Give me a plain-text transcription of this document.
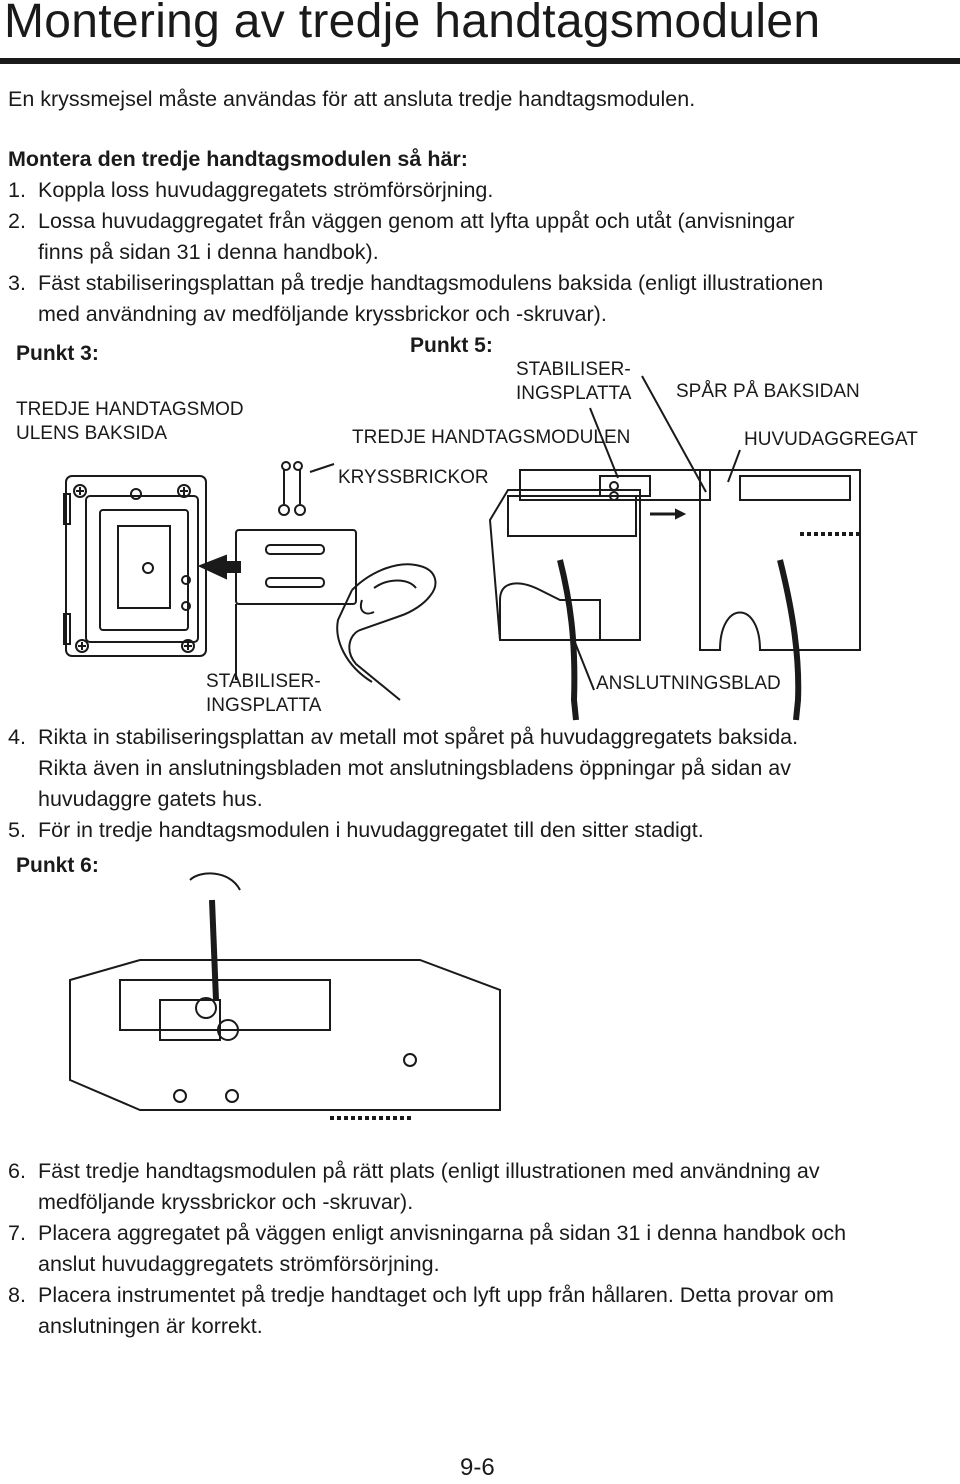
Montering av tredje handtagsmodulen
En kryssmejsel måste användas för att ansluta tredje handtagsmodulen.
Montera den tredje handtagsmodulen så här:
1. Koppla loss huvudaggregatets strömförsörjning.
2. Lossa huvudaggregatet från väggen genom att lyfta uppåt och utåt (anvisningar
finns på sidan 31 i denna handbok).
3. Fäst stabiliseringsplattan på tredje handtagsmodulens baksida (enligt illustrationen
med användning av medföljande kryssbrickor och -skruvar).
Punkt 3:	Punkt 5:
TREDJE HANDTAGSMOD
ULENS BAKSIDA
STABILISER-
INGSPLATTA SPÅR PÅ BAKSIDAN
TREDJE HANDTAGSMODULEN	HUVUDAGGREGAT
KRYSSBRICKOR
STABILISER-
INGSPLATTA
ANSLUTNINGSBLAD
4. Rikta in stabiliseringsplattan av metall mot spåret på huvudaggregatets baksida.
Rikta även in anslutningsbladen mot anslutningsbladens öppningar på sidan av
huvudaggre gatets hus.
5. För in tredje handtagsmodulen i huvudaggregatet till den sitter stadigt.
Punkt 6:
6. Fäst tredje handtagsmodulen på rätt plats (enligt illustrationen med användning av
medföljande kryssbrickor och -skruvar).
7. Placera aggregatet på väggen enligt anvisningarna på sidan 31 i denna handbok och
anslut huvudaggregatets strömförsörjning.
8. Placera instrumentet på tredje handtaget och lyft upp från hållaren. Detta provar om
anslutningen är korrekt.
9-6
